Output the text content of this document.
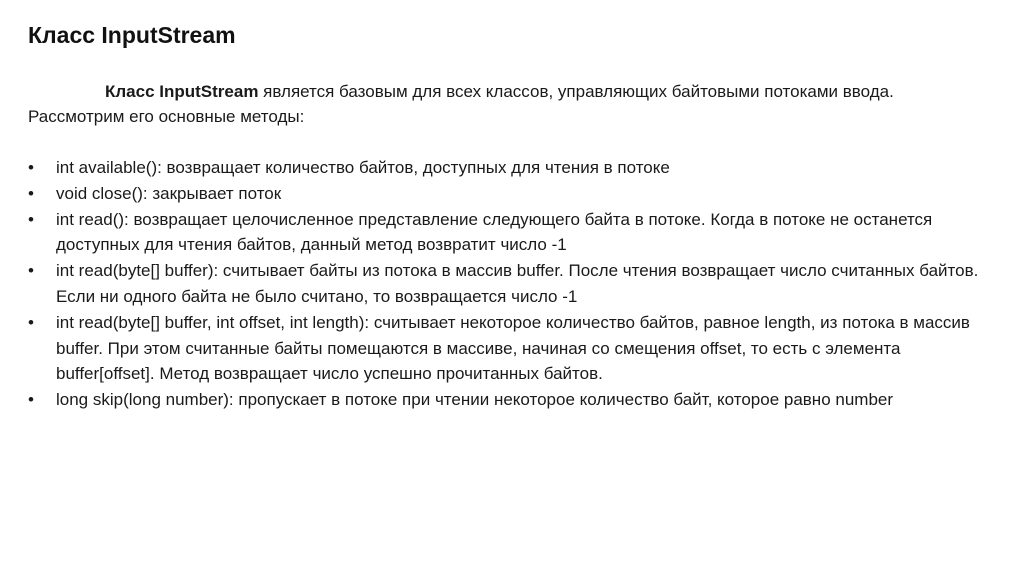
Класс InputStream
Класс InputStream является базовым для всех классов, управляющих байтовыми потоками ввода. Рассмотрим его основные методы:
• int available(): возвращает количество байтов, доступных для чтения в потоке
• void close(): закрывает поток
• int read(): возвращает целочисленное представление следующего байта в потоке. Когда в потоке не останется доступных для чтения байтов, данный метод возвратит число -1
• int read(byte[] buffer): считывает байты из потока в массив buffer. После чтения возвращает число считанных байтов. Если ни одного байта не было считано, то возвращается число -1
• int read(byte[] buffer, int offset, int length): считывает некоторое количество байтов, равное length, из потока в массив buffer. При этом считанные байты помещаются в массиве, начиная со смещения offset, то есть с элемента buffer[offset]. Метод возвращает число успешно прочитанных байтов.
• long skip(long number): пропускает в потоке при чтении некоторое количество байт, которое равно number
